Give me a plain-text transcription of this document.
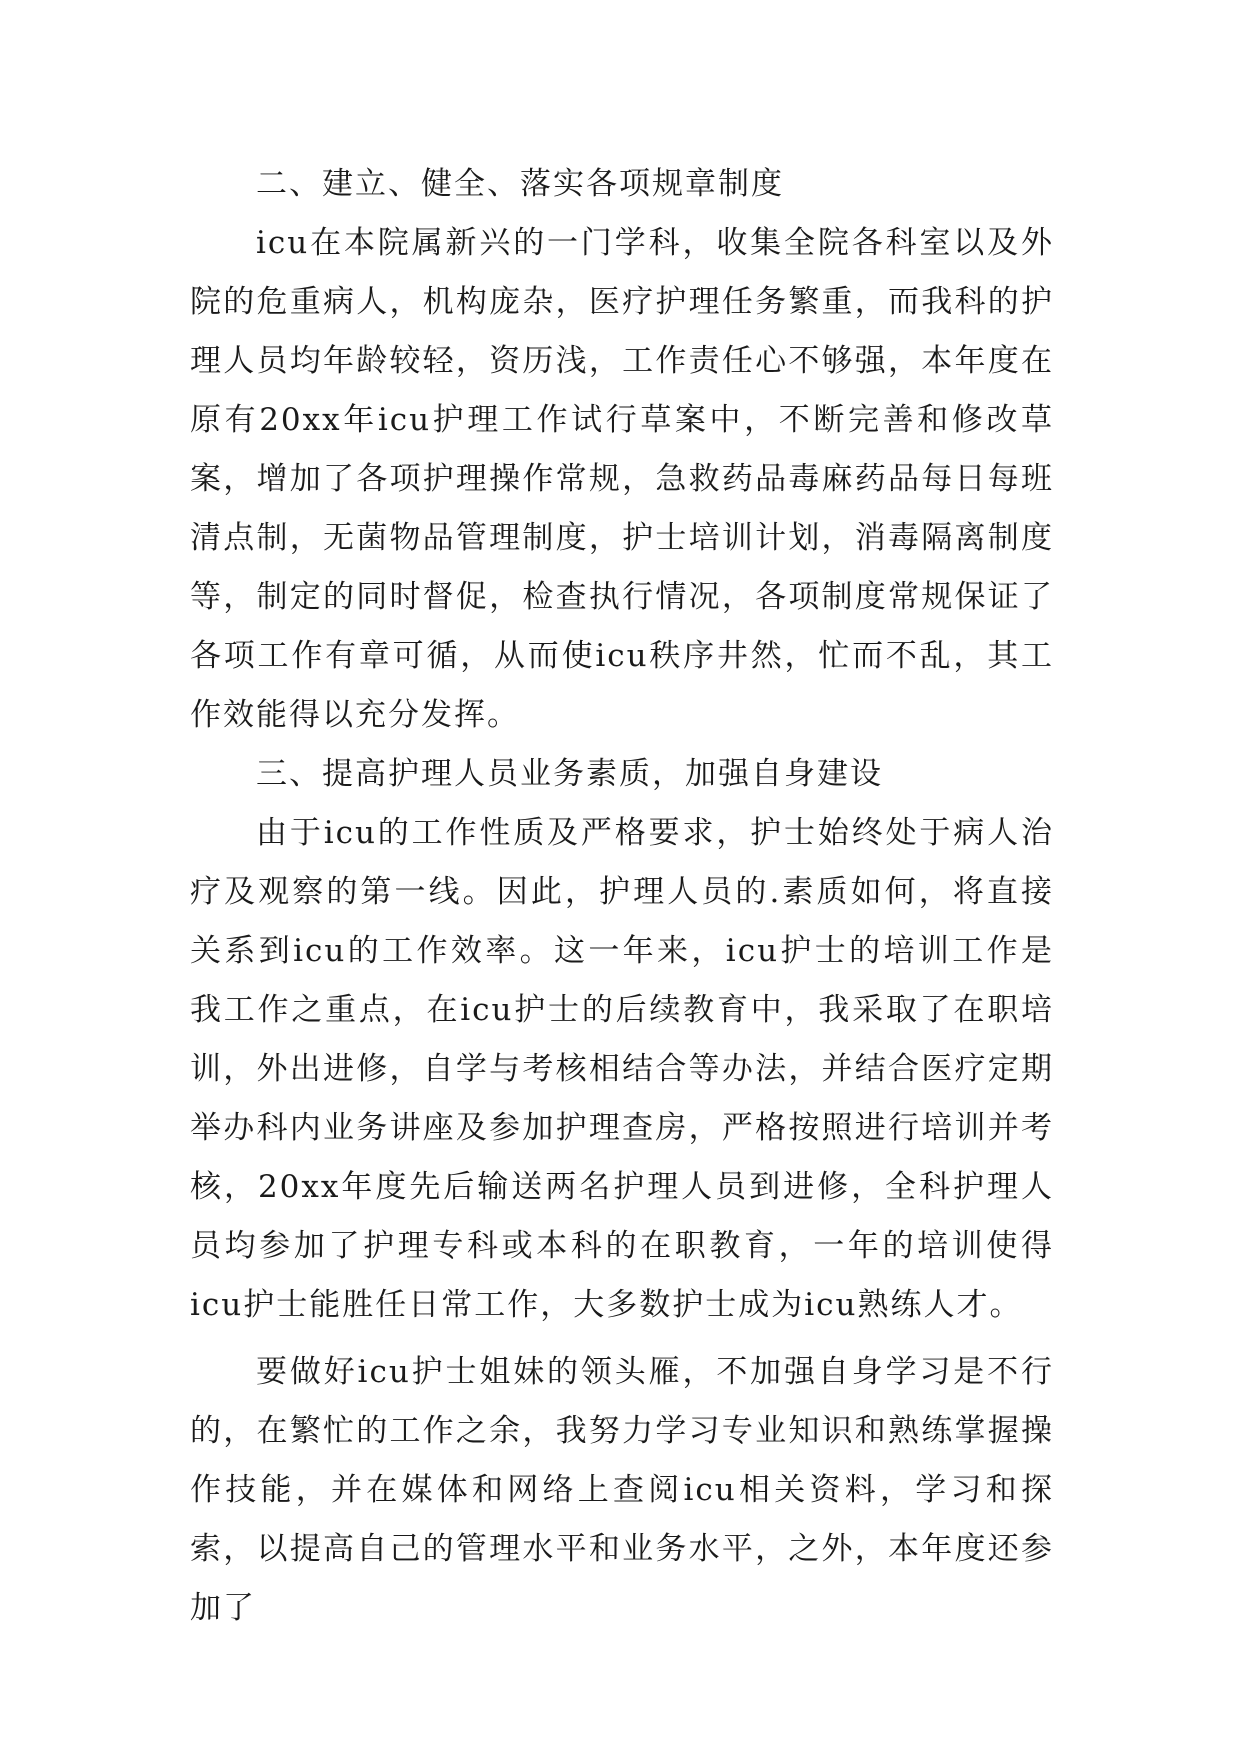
二、建立、健全、落实各项规章制度

icu在本院属新兴的一门学科，收集全院各科室以及外院的危重病人，机构庞杂，医疗护理任务繁重，而我科的护理人员均年龄较轻，资历浅，工作责任心不够强，本年度在原有20xx年icu护理工作试行草案中，不断完善和修改草案，增加了各项护理操作常规，急救药品毒麻药品每日每班清点制，无菌物品管理制度，护士培训计划，消毒隔离制度等，制定的同时督促，检查执行情况，各项制度常规保证了各项工作有章可循，从而使icu秩序井然，忙而不乱，其工作效能得以充分发挥。

三、提高护理人员业务素质，加强自身建设

由于icu的工作性质及严格要求，护士始终处于病人治疗及观察的第一线。因此，护理人员的.素质如何，将直接关系到icu的工作效率。这一年来，icu护士的培训工作是我工作之重点，在icu护士的后续教育中，我采取了在职培训，外出进修，自学与考核相结合等办法，并结合医疗定期举办科内业务讲座及参加护理查房，严格按照进行培训并考核，20xx年度先后输送两名护理人员到进修，全科护理人员均参加了护理专科或本科的在职教育，一年的培训使得icu护士能胜任日常工作，大多数护士成为icu熟练人才。

要做好icu护士姐妹的领头雁，不加强自身学习是不行的，在繁忙的工作之余，我努力学习专业知识和熟练掌握操作技能，并在媒体和网络上查阅icu相关资料，学习和探索，以提高自己的管理水平和业务水平，之外，本年度还参加了
